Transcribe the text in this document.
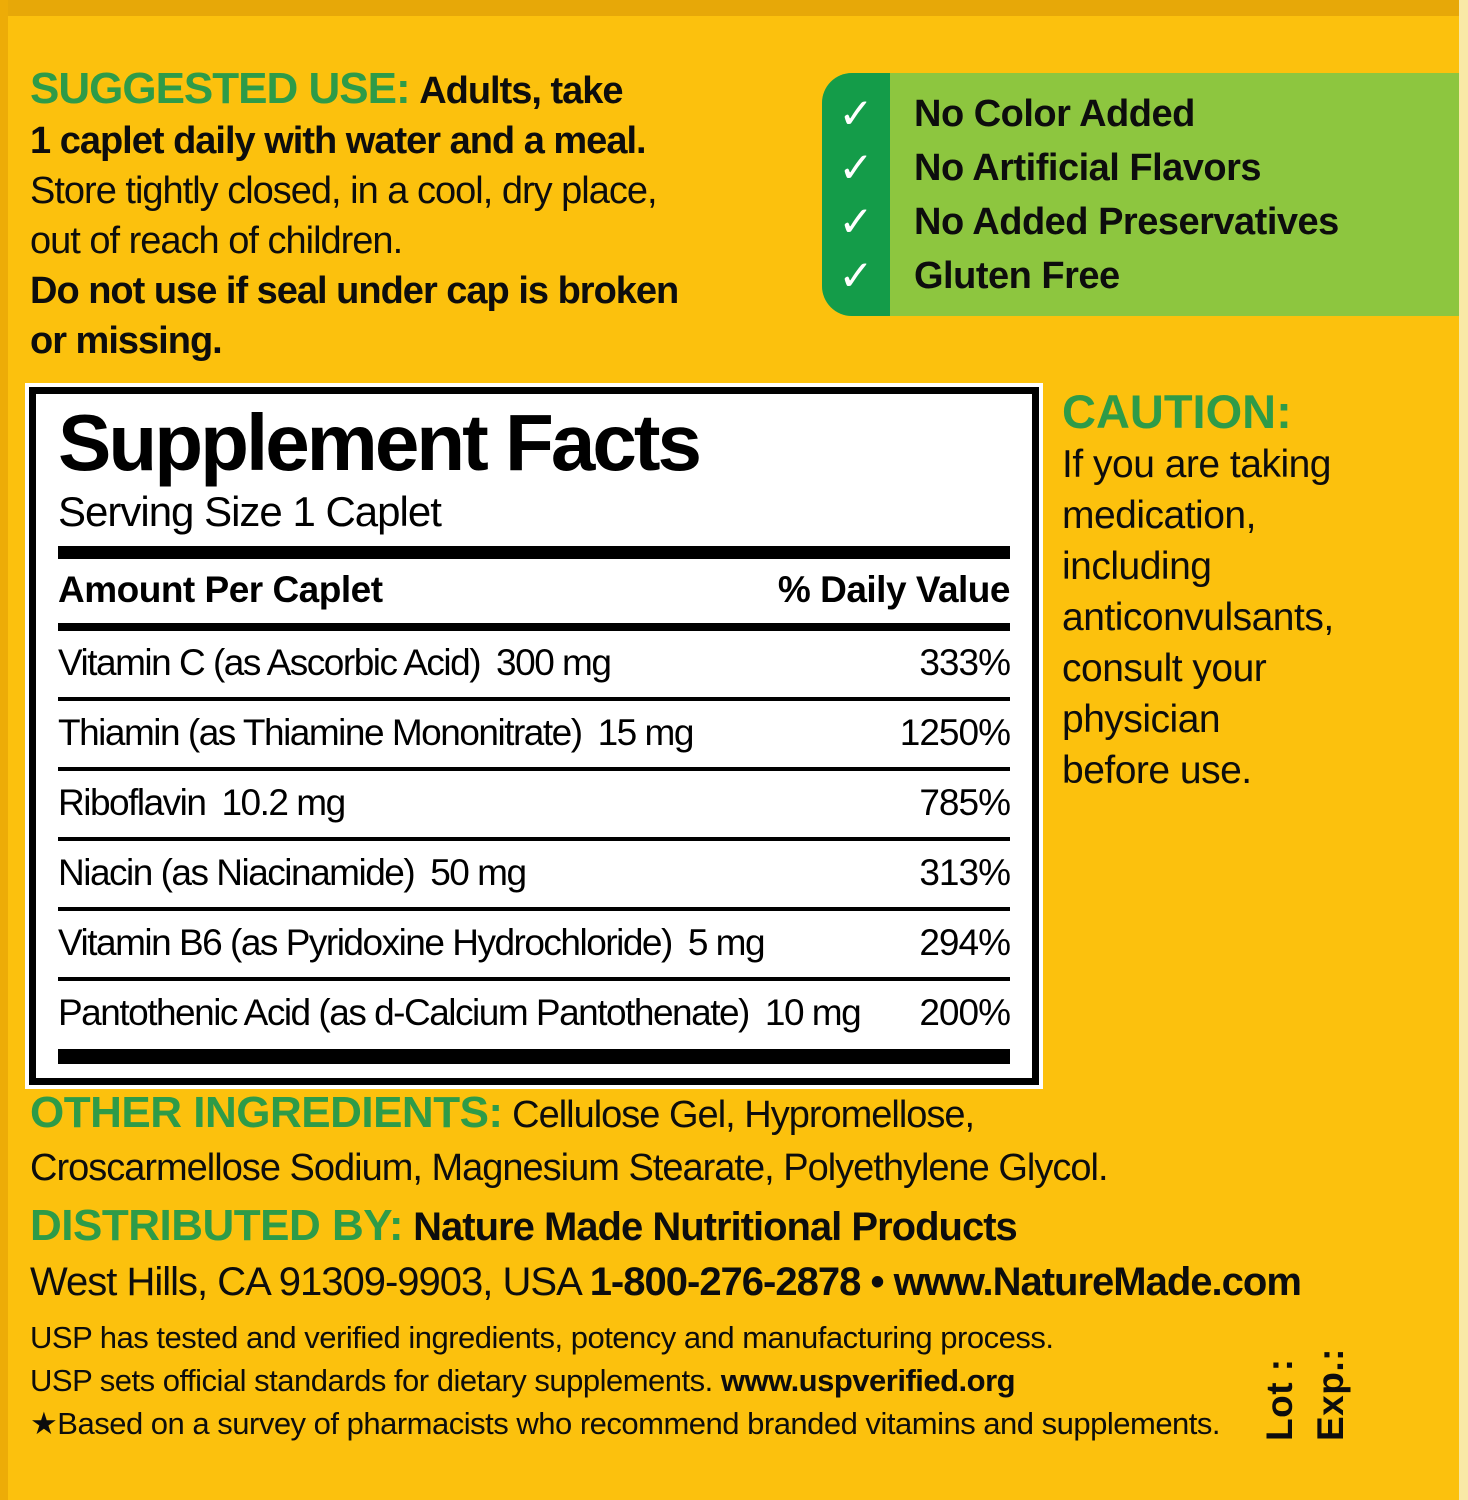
SUGGESTED USE: Adults, take
1 caplet daily with water and a meal.
Store tightly closed, in a cool, dry place,
out of reach of children.
Do not use if seal under cap is broken
or missing.
✓
✓
✓
✓
No Color Added
No Artificial Flavors
No Added Preservatives
Gluten Free
Supplement Facts
Serving Size 1 Caplet
Amount Per Caplet	% Daily Value
Vitamin C (as Ascorbic Acid) 300 mg	333%
Thiamin (as Thiamine Mononitrate) 15 mg	1250%
Riboflavin 10.2 mg	785%
Niacin (as Niacinamide) 50 mg	313%
Vitamin B6 (as Pyridoxine Hydrochloride) 5 mg	294%
Pantothenic Acid (as d-Calcium Pantothenate) 10 mg 200%
CAUTION:
If you are taking
medication,
including
anticonvulsants,
consult your
physician
before use.
OTHER INGREDIENTS: Cellulose Gel, Hypromellose,
Croscarmellose Sodium, Magnesium Stearate, Polyethylene Glycol.
DISTRIBUTED BY: Nature Made Nutritional Products
West Hills, CA 91309-9903, USA 1-800-276-2878 • www.NatureMade.com
USP has tested and verified ingredients, potency and manufacturing process.
USP sets official standards for dietary supplements. www.uspverified.org
★Based on a survey of pharmacists who recommend branded vitamins and supplements.	Lot : Exp.:
